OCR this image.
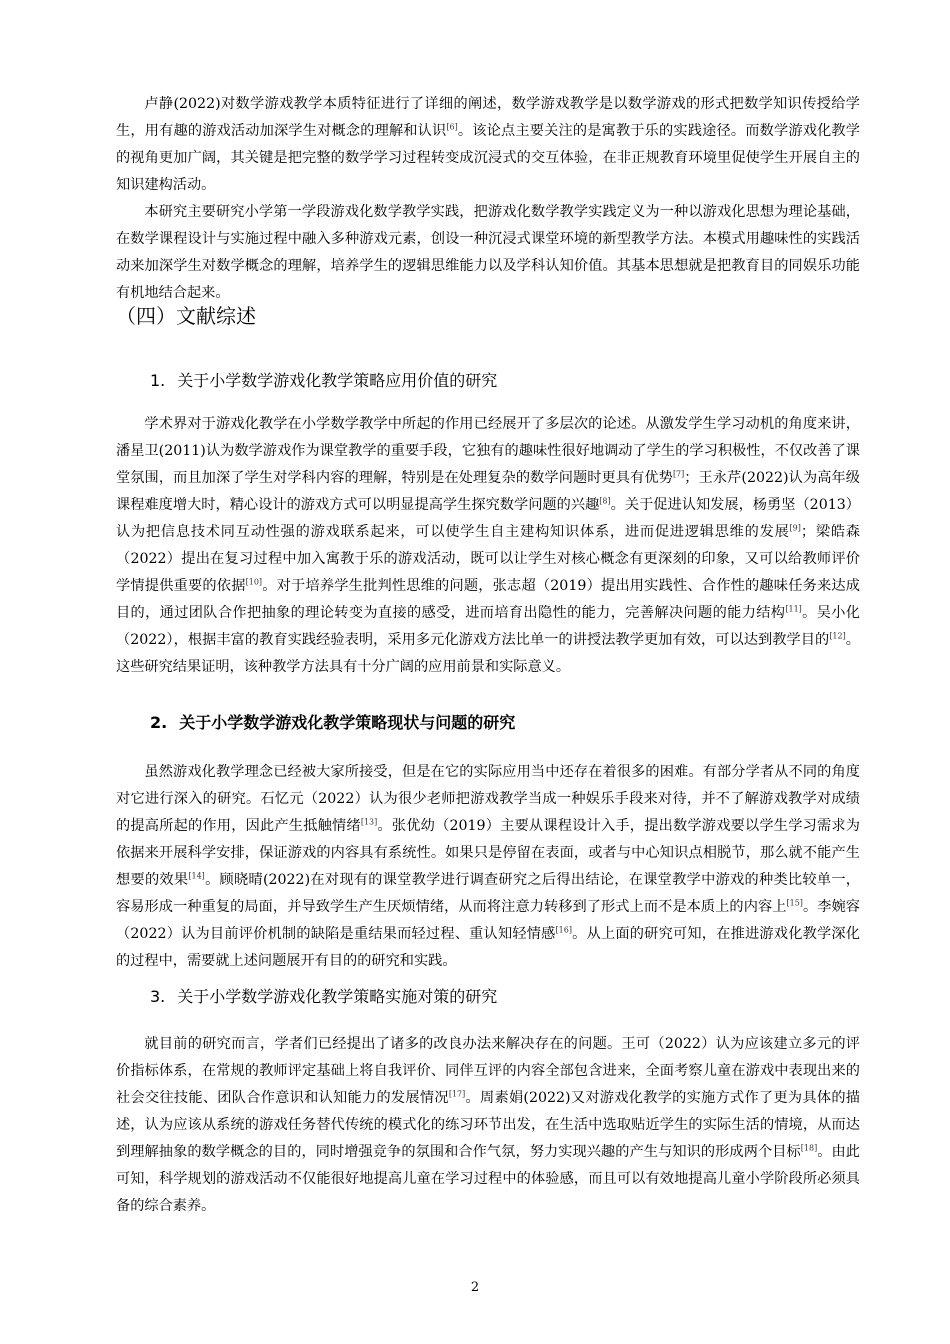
卢静(2022)对数学游戏教学本质特征进行了详细的阐述，数学游戏教学是以数学游戏的形式把数学知识传授给学生，用有趣的游戏活动加深学生对概念的理解和认识[6]。该论点主要关注的是寓教于乐的实践途径。而数学游戏化教学的视角更加广阔，其关键是把完整的数学学习过程转变成沉浸式的交互体验，在非正规教育环境里促使学生开展自主的知识建构活动。

本研究主要研究小学第一学段游戏化数学教学实践，把游戏化数学教学实践定义为一种以游戏化思想为理论基础，在数学课程设计与实施过程中融入多种游戏元素，创设一种沉浸式课堂环境的新型教学方法。本模式用趣味性的实践活动来加深学生对数学概念的理解，培养学生的逻辑思维能力以及学科认知价值。其基本思想就是把教育目的同娱乐功能有机地结合起来。

（四）文献综述
1. 关于小学数学游戏化教学策略应用价值的研究

学术界对于游戏化教学在小学数学教学中所起的作用已经展开了多层次的论述。从激发学生学习动机的角度来讲，潘星卫(2011)认为数学游戏作为课堂教学的重要手段，它独有的趣味性很好地调动了学生的学习积极性，不仅改善了课堂氛围，而且加深了学生对学科内容的理解，特别是在处理复杂的数学问题时更具有优势[7]；王永芹(2022)认为高年级课程难度增大时，精心设计的游戏方式可以明显提高学生探究数学问题的兴趣[8]。关于促进认知发展，杨勇坚（2013）认为把信息技术同互动性强的游戏联系起来，可以使学生自主建构知识体系，进而促进逻辑思维的发展[9]；梁皓森（2022）提出在复习过程中加入寓教于乐的游戏活动，既可以让学生对核心概念有更深刻的印象，又可以给教师评价学情提供重要的依据[10]。对于培养学生批判性思维的问题，张志超（2019）提出用实践性、合作性的趣味任务来达成目的，通过团队合作把抽象的理论转变为直接的感受，进而培育出隐性的能力，完善解决问题的能力结构[11]。吴小化（2022），根据丰富的教育实践经验表明，采用多元化游戏方法比单一的讲授法教学更加有效，可以达到教学目的[12]。这些研究结果证明，该种教学方法具有十分广阔的应用前景和实际意义。

2. 关于小学数学游戏化教学策略现状与问题的研究

虽然游戏化教学理念已经被大家所接受，但是在它的实际应用当中还存在着很多的困难。有部分学者从不同的角度对它进行深入的研究。石忆元（2022）认为很少老师把游戏教学当成一种娱乐手段来对待，并不了解游戏教学对成绩的提高所起的作用，因此产生抵触情绪[13]。张优幼（2019）主要从课程设计入手，提出数学游戏要以学生学习需求为依据来开展科学安排，保证游戏的内容具有系统性。如果只是停留在表面，或者与中心知识点相脱节，那么就不能产生想要的效果[14]。顾晓晴(2022)在对现有的课堂教学进行调查研究之后得出结论，在课堂教学中游戏的种类比较单一，容易形成一种重复的局面，并导致学生产生厌烦情绪，从而将注意力转移到了形式上而不是本质上的内容上[15]。李婉容（2022）认为目前评价机制的缺陷是重结果而轻过程、重认知轻情感[16]。从上面的研究可知，在推进游戏化教学深化的过程中，需要就上述问题展开有目的的研究和实践。

3. 关于小学数学游戏化教学策略实施对策的研究

就目前的研究而言，学者们已经提出了诸多的改良办法来解决存在的问题。王可（2022）认为应该建立多元的评价指标体系，在常规的教师评定基础上将自我评价、同伴互评的内容全部包含进来，全面考察儿童在游戏中表现出来的社会交往技能、团队合作意识和认知能力的发展情况[17]。周素娟(2022)又对游戏化教学的实施方式作了更为具体的描述，认为应该从系统的游戏任务替代传统的模式化的练习环节出发，在生活中选取贴近学生的实际生活的情境，从而达到理解抽象的数学概念的目的，同时增强竞争的氛围和合作气氛，努力实现兴趣的产生与知识的形成两个目标[18]。由此可知，科学规划的游戏活动不仅能很好地提高儿童在学习过程中的体验感，而且可以有效地提高儿童小学阶段所必须具备的综合素养。

2
